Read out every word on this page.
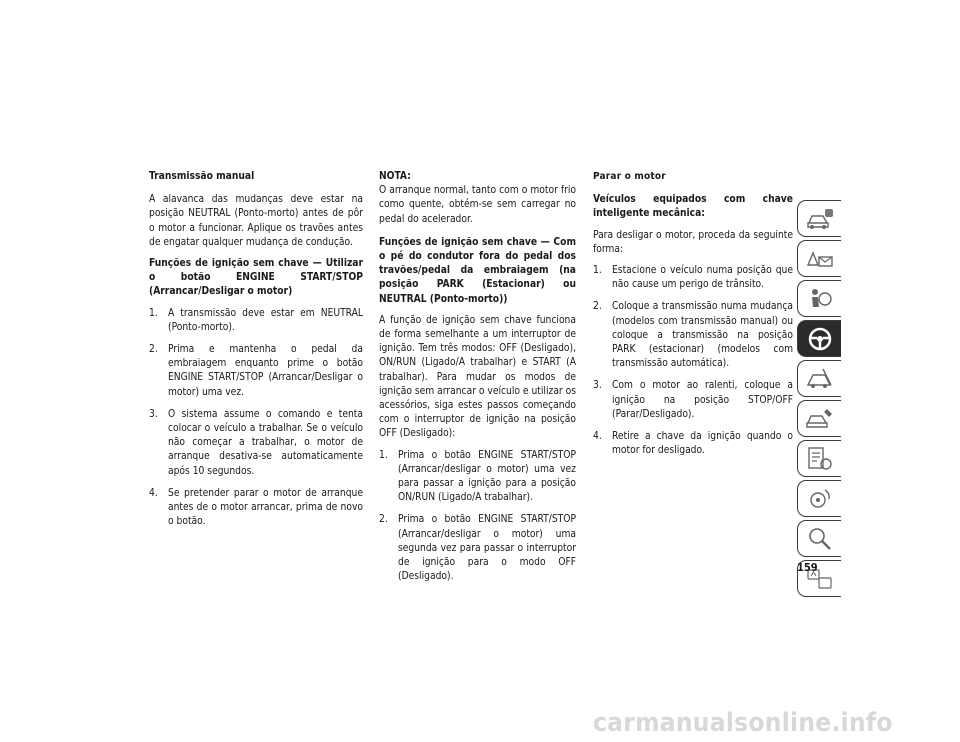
Transmissão manual

A alavanca das mudanças deve estar na posição NEUTRAL (Ponto-morto) antes de pôr o motor a funcionar. Aplique os travões antes de engatar qualquer mudança de condução.

Funções de ignição sem chave — Utilizar o botão ENGINE START/STOP (Arrancar/Desligar o motor)
1. A transmissão deve estar em NEUTRAL (Ponto-morto).
2. Prima e mantenha o pedal da embraiagem enquanto prime o botão ENGINE START/STOP (Arrancar/Desligar o motor) uma vez.
3. O sistema assume o comando e tenta colocar o veículo a trabalhar. Se o veículo não começar a trabalhar, o motor de arranque desativa-se automaticamente após 10 segundos.
4. Se pretender parar o motor de arranque antes de o motor arrancar, prima de novo o botão.

NOTA:
O arranque normal, tanto com o motor frio como quente, obtém-se sem carregar no pedal do acelerador.

Funções de ignição sem chave — Com o pé do condutor fora do pedal dos travões/pedal da embraiagem (na posição PARK (Estacionar) ou NEUTRAL (Ponto-morto))

A função de ignição sem chave funciona de forma semelhante a um interruptor de ignição. Tem três modos: OFF (Desligado), ON/RUN (Ligado/A trabalhar) e START (A trabalhar). Para mudar os modos de ignição sem arrancar o veículo e utilizar os acessórios, siga estes passos começando com o interruptor de ignição na posição OFF (Desligado):

1. Prima o botão ENGINE START/STOP (Arrancar/desligar o motor) uma vez para passar a ignição para a posição ON/RUN (Ligado/A trabalhar).
2. Prima o botão ENGINE START/STOP (Arrancar/desligar o motor) uma segunda vez para passar o interruptor de ignição para o modo OFF (Desligado).
Parar o motor
Veículos equipados com chave inteligente mecânica:

Para desligar o motor, proceda da seguinte forma:

1. Estacione o veículo numa posição que não cause um perigo de trânsito.
2. Coloque a transmissão numa mudança (modelos com transmissão manual) ou coloque a transmissão na posição PARK (estacionar) (modelos com transmissão automática).
3. Com o motor ao ralenti, coloque a ignição na posição STOP/OFF (Parar/Desligado).
4. Retire a chave da ignição quando o motor for desligado.
159
carmanualsonline.info
